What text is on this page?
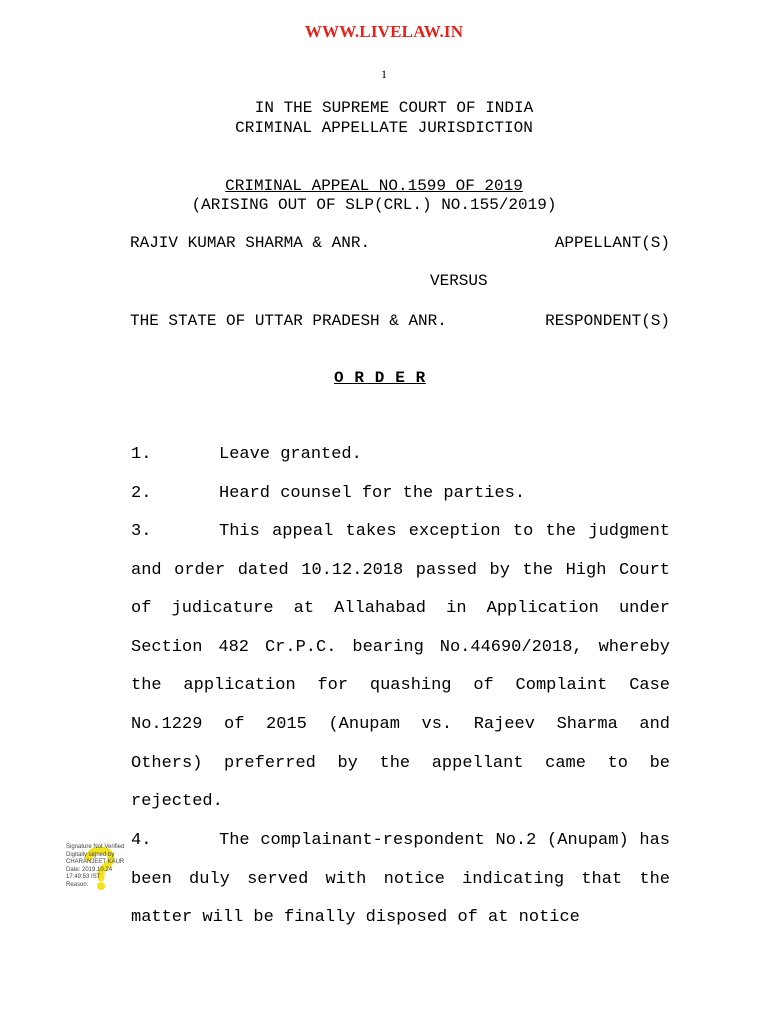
WWW.LIVELAW.IN
1
IN THE SUPREME COURT OF INDIA
CRIMINAL APPELLATE JURISDICTION
CRIMINAL APPEAL NO.1599 OF 2019
(ARISING OUT OF SLP(CRL.) NO.155/2019)
RAJIV KUMAR SHARMA & ANR.	APPELLANT(S)
VERSUS
THE STATE OF UTTAR PRADESH & ANR.	RESPONDENT(S)
O R D E R
1.	Leave granted.
2.	Heard counsel for the parties.
3.	This appeal takes exception to the judgment and order dated 10.12.2018 passed by the High Court of judicature at Allahabad in Application under Section 482 Cr.P.C. bearing No.44690/2018, whereby the application for quashing of Complaint Case No.1229 of 2015 (Anupam vs. Rajeev Sharma and Others) preferred by the appellant came to be rejected.
4.	The complainant-respondent No.2 (Anupam) has been duly served with notice indicating that the matter will be finally disposed of at notice
Signature Not Verified
Digitally signed by
CHARANJEET KAUR
Date: 2019.10.24
17:49:53 IST
Reason:
